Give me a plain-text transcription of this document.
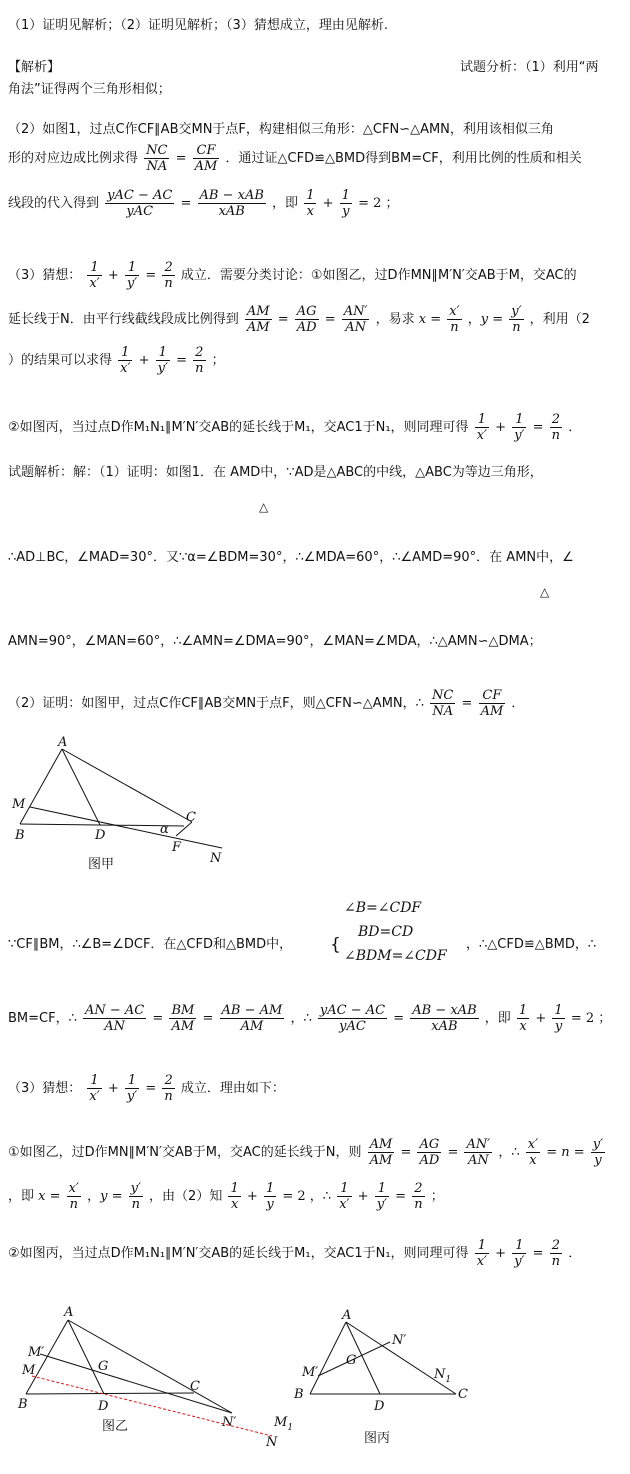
（1）证明见解析；（2）证明见解析；（3）猜想成立，理由见解析.
【解析】	试题分析：（1）利用“两
角法”证得两个三角形相似；
（2）如图1，过点C作CF∥AB交MN于点F，构建相似三角形：△CFN∽△AMN，利用该相似三角
形的对应边成比例求得 $\frac{NC}{NA} = \frac{CF}{AM}$ ．通过证△CFD≌△BMD得到BM=CF，利用比例的性质和相关
线段的代入得到 $\frac{\text{yAC − AC}}{\text{yAC}} = \frac{\text{AB − xAB}}{\text{xAB}}$ ，即 $\frac{1}{x} + \frac{1}{y} = 2$ ；
（3）猜想： $\frac{1}{x'} + \frac{1}{y'} = \frac{2}{n}$ 成立．需要分类讨论：①如图乙，过D作MN∥M′N′交AB于M，交AC的
延长线于N．由平行线截线段成比例得到 $\frac{AM}{AM} = \frac{AG}{AD} = \frac{AN'}{AN}$ ，易求 $x = \frac{x'}{n}$ ，$y = \frac{y'}{n}$ ，利用（2
）的结果可以求得 $\frac{1}{x'} + \frac{1}{y'} = \frac{2}{n}$ ；
②如图丙，当过点D作M₁N₁∥M′N′交AB的延长线于M₁，交AC1于N₁，则同理可得 $\frac{1}{x'} + \frac{1}{y'} = \frac{2}{n}$ ．
试题解析：解：（1）证明：如图1．在 AMD中，∵AD是△ABC的中线，△ABC为等边三角形，
△
∴AD⊥BC，∠MAD=30°．又∵α=∠BDM=30°，∴∠MDA=60°，∴∠AMD=90°．在 AMN中，∠
△
AMN=90°，∠MAN=60°，∴∠AMN=∠DMA=90°，∠MAN=∠MDA，∴△AMN∽△DMA；
（2）证明：如图甲，过点C作CF∥AB交MN于点F，则△CFN∽△AMN，∴ $\frac{NC}{NA} = \frac{CF}{AM}$ ．
A
M
B	D
C
α
F
N
图甲
∵CF∥BM，∴∠B=∠DCF．在△CFD和△BMD中， {	，∴△CFD≌△BMD，∴
∠B=∠CDF
BD=CD
∠BDM=∠CDF
BM=CF，∴ $\frac{AN - AC}{AN} = \frac{BM}{AM} = \frac{AB - AM}{AM}$ ，∴ $\frac{\text{yAC − AC}}{\text{yAC}} = \frac{\text{AB − xAB}}{\text{xAB}}$ ，即 $\frac{1}{x} + \frac{1}{y} = 2$ ；
（3）猜想： $\frac{1}{x'} + \frac{1}{y'} = \frac{2}{n}$ 成立．理由如下：
①如图乙，过D作MN∥M′N′交AB于M，交AC的延长线于N，则 $\frac{AM}{AM} = \frac{AG}{AD} = \frac{AN'}{AN}$ ，∴ $\frac{x'}{x} = n = \frac{y'}{y}$
，即 $x = \frac{x'}{n}$ ，$y = \frac{y'}{n}$ ，由（2）知 $\frac{1}{x} + \frac{1}{y} = 2$ ，∴ $\frac{1}{x'} + \frac{1}{y'} = \frac{2}{n}$ ；
②如图丙，当过点D作M₁N₁∥M′N′交AB的延长线于M₁，交AC1于N₁，则同理可得 $\frac{1}{x'} + \frac{1}{y'} = \frac{2}{n}$ ．
A
M′
M
B
G
D
C
N′	$M_1$
N
图乙
A
N′
M′
G
$N_1$
B
D
C
图丙
